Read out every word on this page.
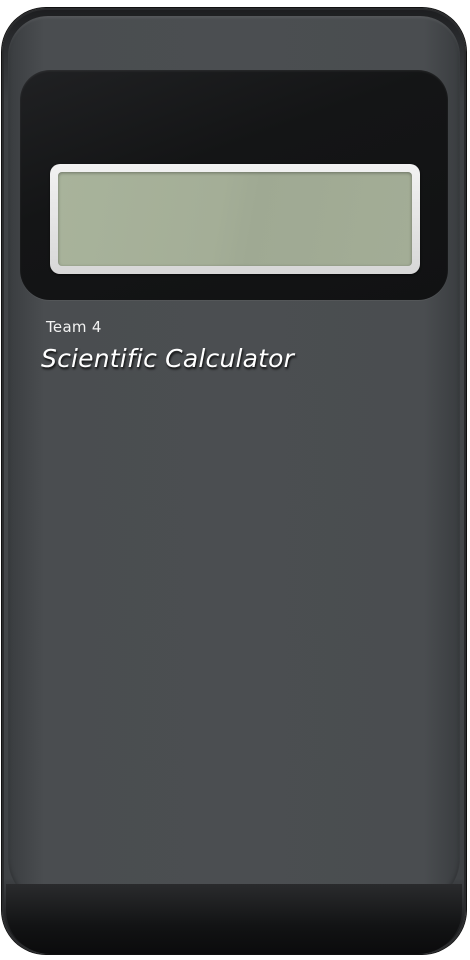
Team 4
Scientific Calculator
